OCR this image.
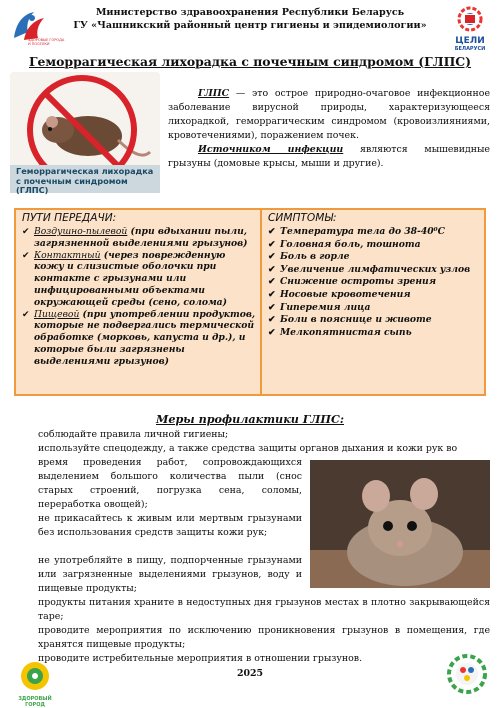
ЗДОРОВЫЕ ГОРОДА И ПОСЕЛКИ
Министерство здравоохранения Республики Беларусь
ГУ «Чашникский районный центр гигиены и эпидемиологии»
ЦЕЛИ
БЕЛАРУСИ
Геморрагическая лихорадка с почечным синдромом (ГЛПС)
Геморрагическая лихорадка с почечным синдромом (ГЛПС)
ГЛПС — это острое природно-очаговое инфекционное заболевание вирусной природы, характеризующееся лихорадкой, геморрагическим синдромом (кровоизлияниями, кровотечениями), поражением почек.
Источником инфекции являются мышевидные грызуны (домовые крысы, мыши и другие).
ПУТИ ПЕРЕДАЧИ:
✔ Воздушно-пылевой (при вдыхании пыли, загрязненной выделениями грызунов)
✔ Контактный (через поврежденную кожу и слизистые оболочки при контакте с грызунами или инфицированными объектами окружающей среды (сено, солома)
✔ Пищевой (при употреблении продуктов, которые не подвергались термической обработке (морковь, капуста и др.), и которые были загрязнены выделениями грызунов)
СИМПТОМЫ:
✔ Температура тела до 38-40⁰С
✔ Головная боль, тошнота
✔ Боль в горле
✔ Увеличение лимфатических узлов
✔ Снижение остроты зрения
✔ Носовые кровотечения
✔ Гиперемия лица
✔ Боли в пояснице и животе
✔ Мелкопятнистая сыпь
Меры профилактики ГЛПС:
соблюдайте правила личной гигиены;
используйте спецодежду, а также средства защиты органов дыхания и кожи рук во
время проведения работ, сопровождающихся выделением большого количества пыли (снос старых строений, погрузка сена, соломы, переработка овощей);
не прикасайтесь к живым или мертвым грызунами без использования средств защиты кожи рук;
не употребляйте в пищу, подпорченные грызунами или загрязненные выделениями грызунов, воду и пищевые продукты;
продукты питания храните в недоступных дня грызунов местах в плотно закрывающейся таре;
проводите мероприятия по исключению проникновения грызунов в помещения, где хранятся пищевые продукты;
проводите истребительные мероприятия в отношении грызунов.
ЗДОРОВЫЙ ГОРОД
2025
